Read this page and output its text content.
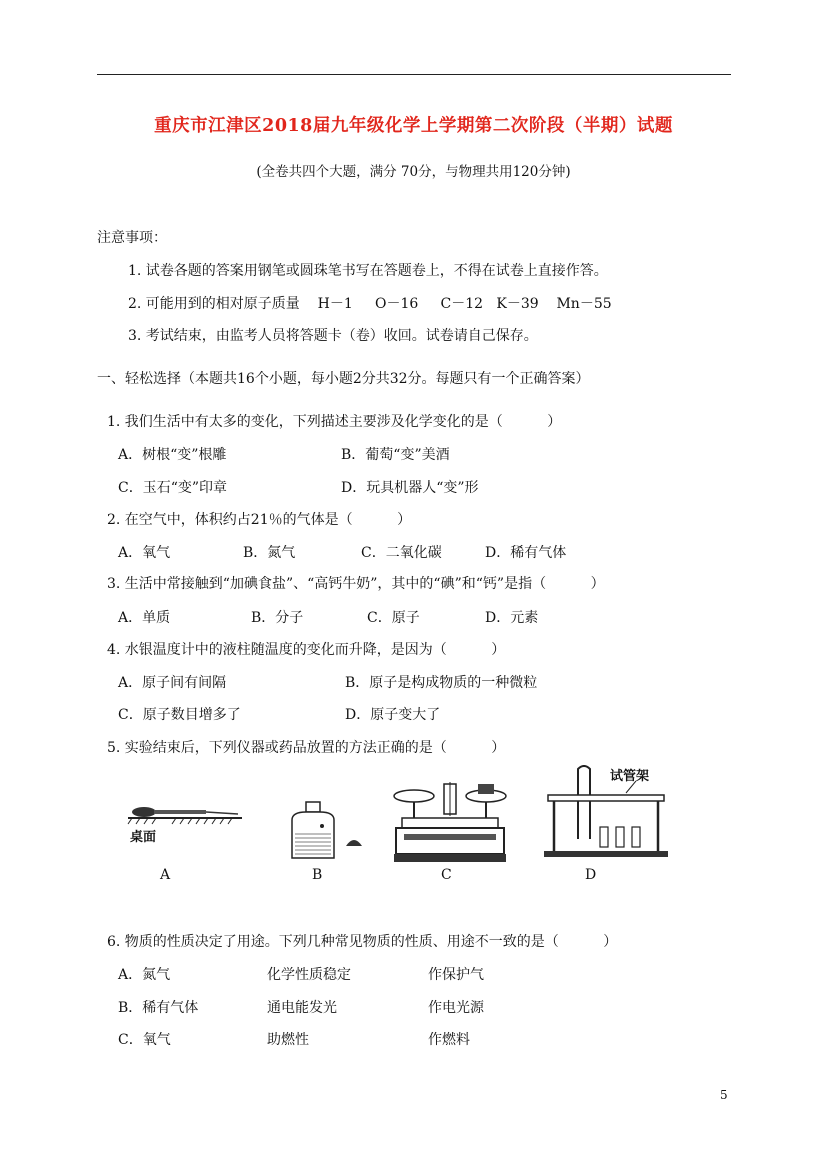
重庆市江津区2018届九年级化学上学期第二次阶段（半期）试题
(全卷共四个大题，满分 70分，与物理共用120分钟)
注意事项：
1. 试卷各题的答案用钢笔或圆珠笔书写在答题卷上，不得在试卷上直接作答。
2. 可能用到的相对原子质量    H－1     O－16     C－12   K－39    Mn－55
3. 考试结束，由监考人员将答题卡（卷）收回。试卷请自己保存。
一、轻松选择（本题共16个小题，每小题2分共32分。每题只有一个正确答案）
1. 我们生活中有太多的变化，下列描述主要涉及化学变化的是（          ）
A．树根“变”根雕	B．葡萄“变”美酒
C．玉石“变”印章	D．玩具机器人“变”形
2. 在空气中，体积约占21％的气体是（          ）
A．氧气	B．氮气	C．二氧化碳	D．稀有气体
3. 生活中常接触到“加碘食盐”、“高钙牛奶”，其中的“碘”和“钙”是指（          ）
A．单质	B．分子	C．原子	D．元素
4. 水银温度计中的液柱随温度的变化而升降，是因为（          ）
A．原子间有间隔	B．原子是构成物质的一种微粒
C．原子数目增多了	D．原子变大了
5. 实验结束后，下列仪器或药品放置的方法正确的是（          ）
桌面
试管架
A	B	C	D
6. 物质的性质决定了用途。下列几种常见物质的性质、用途不一致的是（          ）
A．氮气	化学性质稳定	作保护气
B．稀有气体	通电能发光	作电光源
C．氧气	助燃性	作燃料
5
